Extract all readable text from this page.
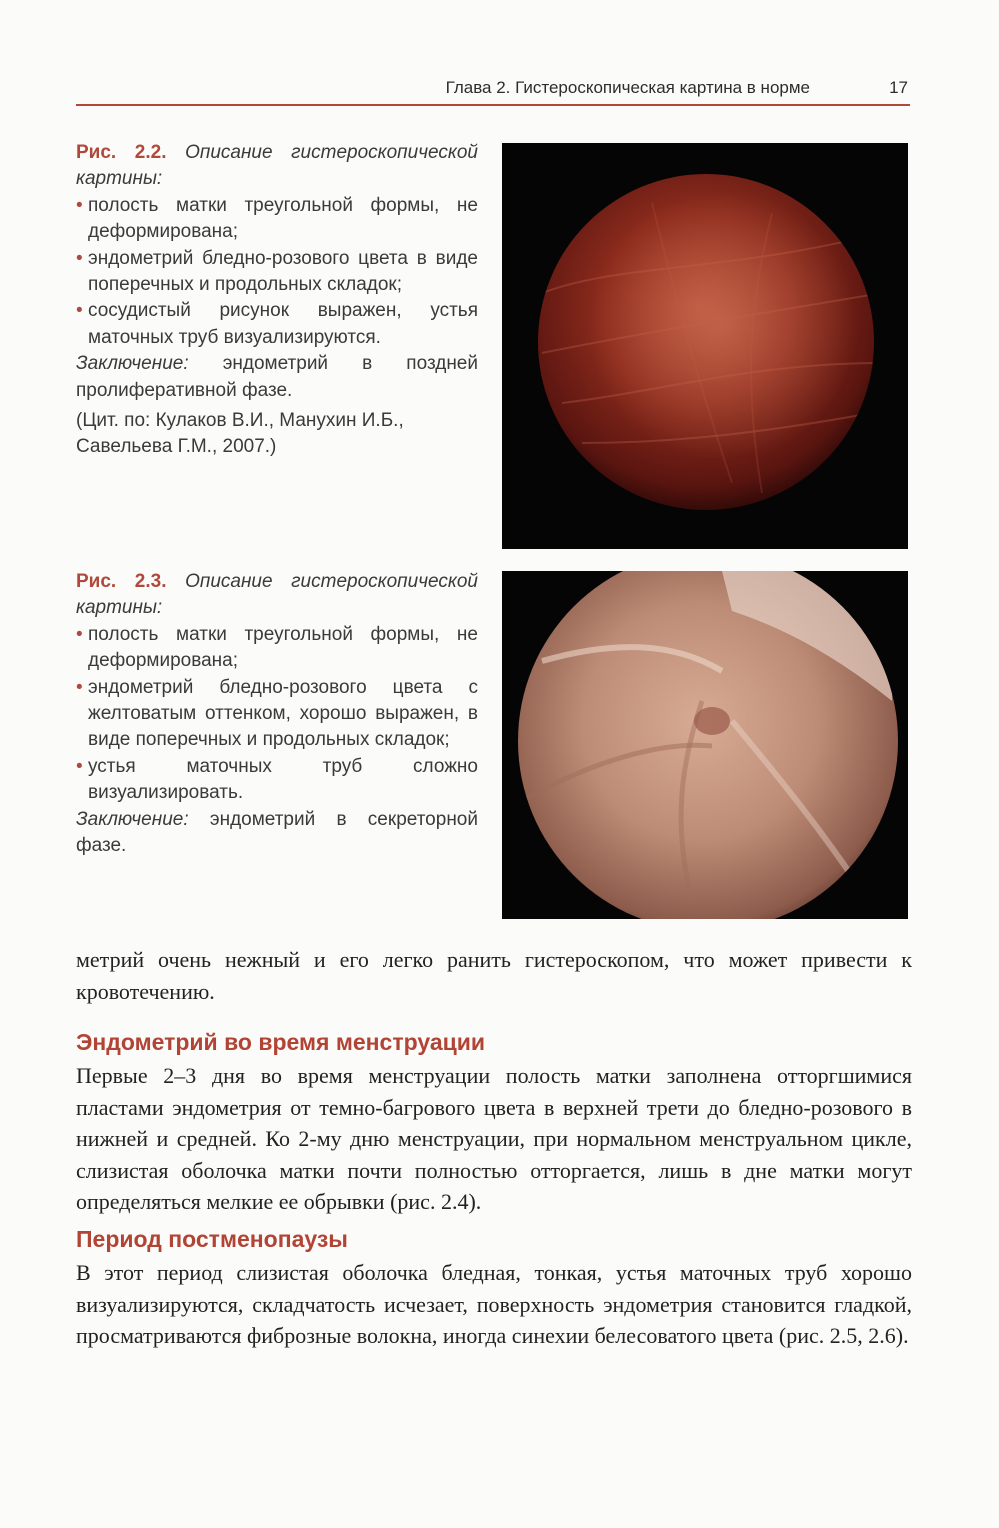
Глава 2. Гистероскопическая картина в норме	17

Рис. 2.2. Описание гистероскопической картины:

• полость матки треугольной формы, не деформирована;
• эндометрий бледно-розового цвета в виде поперечных и продольных складок;
• сосудистый рисунок выражен, устья маточных труб визуализируются.

Заключение: эндометрий в поздней пролиферативной фазе.

(Цит. по: Кулаков В.И., Манухин И.Б., Савельева Г.М., 2007.)

Рис. 2.3. Описание гистероскопической картины:

• полость матки треугольной формы, не деформирована;
• эндометрий бледно-розового цвета с желтоватым оттенком, хорошо выражен, в виде поперечных и продольных складок;
• устья маточных труб сложно визуализировать.

Заключение: эндометрий в секреторной фазе.

метрий очень нежный и его легко ранить гистероскопом, что может привести к кровотечению.

Эндометрий во время менструации

Первые 2–3 дня во время менструации полость матки заполнена отторгшимися пластами эндометрия от темно-багрового цвета в верхней трети до бледно-розового в нижней и средней. Ко 2-му дню менструации, при нормальном менструальном цикле, слизистая оболочка матки почти полностью отторгается, лишь в дне матки могут определяться мелкие ее обрывки (рис. 2.4).

Период постменопаузы

В этот период слизистая оболочка бледная, тонкая, устья маточных труб хорошо визуализируются, складчатость исчезает, поверхность эндометрия становится гладкой, просматриваются фиброзные волокна, иногда синехии белесоватого цвета (рис. 2.5, 2.6).
